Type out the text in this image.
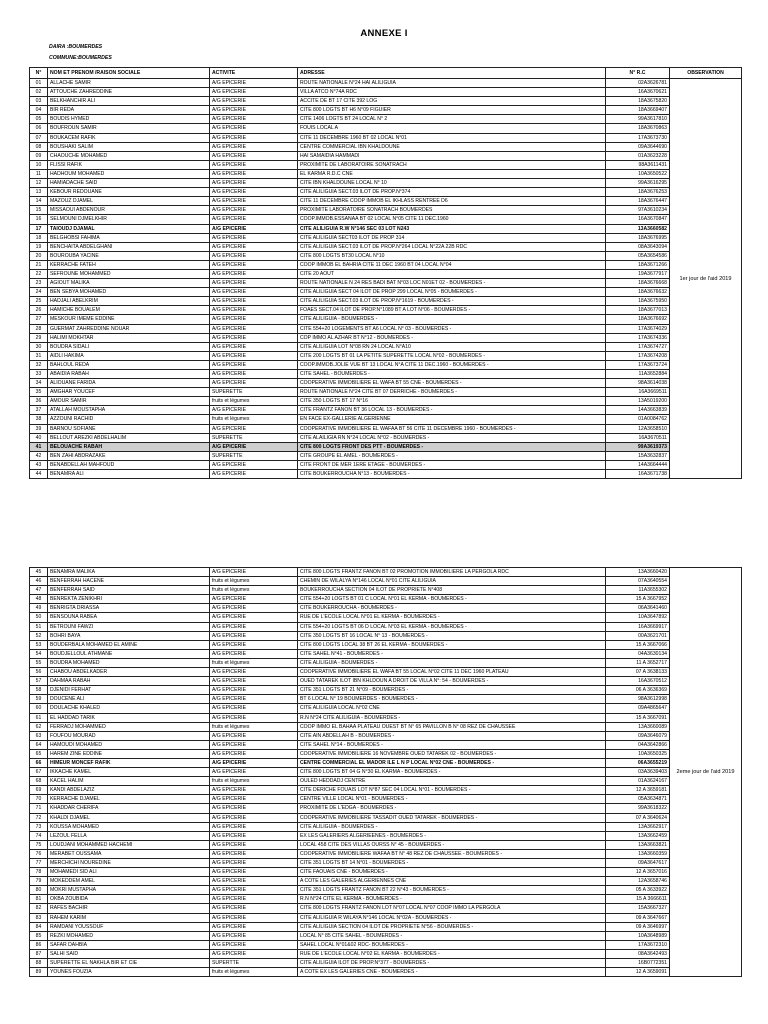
ANNEXE I
DAIRA :BOUMERDES
COMMUNE:BOUMERDES
N°	NOM ET PRENOM /RAISON SOCIALE	ACTIVITE	ADRESSE	N° R.C	OBSERVATION
01	ALLACHE SAMIR	A/G EPICERIE	ROUTE NATIONALE N°24 HAI ALILIGUIA	02A3626781	1er jour de l'aid 2019
02	ATTOUCHE ZAHREDDINE	A/G EPICERIE	VILLA ATCO N°74A RDC	16A3670621	
03	BELKHANCHIR ALI	A/G EPICERIE	ACCITE DE BT 17 CITE 392 LOG	18A3675820	
04	BIR REDA	A/G EPICERIE	CITE 800 LOGTS BT H6 N°09 FIGUIER	18A3669407	
05	BOUDIS HYMED	A/G EPICERIE	CITE 1406 LOGTS BT 24 LOCAL N° 2	99A3617810	
06	BOUFROUN SAMIR	A/G EPICERIE	FOUIS LOCAL A	18A3670863	
07	BOUKACEM RAFIK	A/G EPICERIE	CITE 11 DECEMBRE 1960 BT 02 LOCAL N°01	17A3673730	
08	BOUSHAKI SALIM	A/G EPICERIE	CENTRE COMMERCIAL IBN KHALDOUNE	09A3644690	
09	CHAOUCHE MOHAMED	A/G EPICERIE	HAI SAMAIDIA HAMMADI	01A3623228	
10	FLISSI RAFIK	A/G EPICERIE	PROXIMITE DE LABORATOIRE SONATRACH	98A3611431	
11	HADHOUM MOHAMED	A/G EPICERIE	EL KARMA R.D.C CNE	10A3650522	
12	HAMIADACHE SAID	A/G EPICERIE	CITE IBN KHALDOUNE LOCAL N° 10	99A3616295	
13	KEBOUR REDOUANE	A/G EPICERIE	CITE ALILIGUIA SECT.03 ILOT DE PROP.N°374	18A3676253	
14	MAZOUZ DJAMEL	A/G EPICERIE	CITE 11 DECEMBRE COOP IMMOB EL IKHLASS RENTREE D6	18A3676447	
15	MISSAOUI ABDENOUR	A/G EPICERIE	PROXIMITE LABORATOIRE SONATRACH BOUMERDES	97A3610234	
16	SELMOUNI DJMELKHIR	A/G EPICERIE	COOP.IMMOB.ESSANAA BT 02 LOCAL N°05 CITE 11 DEC.1960	16A3670847	
17	TAIOUDJ DJAMAL	A/G EPICERIE	CITE ALILIGUIA R.W N°146 SEC 03 LOT N243	13A3660582	
18	BELGHOBSI FAHIMA	A/G EPICERIE	CITE ALILIGUIA SECT03 ILOT DE PROP 314	18A3676995	
19	BENCHAITA ABDELGHANI	A/G EPICERIE	CITE ALILIGUIA SECT.03 ILOT DE PROP.N°264 LOCAL N°22A 22B RDC	08A3643094	
20	BOUROUBA YACINE	A/G EPICERIE	CITE 800 LOGTS BT30 LOCAL N°10	05A3654586	
21	KERRACHE FATEH	A/G EPICERIE	COOP IMMOB EL BAHRIA CITE 11 DEC 1960 BT 04 LOCAL N°04	18A3671266	
22	SEFROUNE MOHAMMED	A/G EPICERIE	CITE 20 AOUT	19A3677917	
23	AGIOUT MALIKA	A/G EPICERIE	ROUTE NATIONALE N 24 RES BADI BAT N°03 LOC N01ET 02 - BOUMERDES -	18A3676668	
24	BEN SEBYA MOHAMED	A/G EPICERIE	CITE ALILIGUIA SECT 04 ILOT DE PROP 299 LOCAL N°05 - BOUMERDES -	18A3676632	
25	HADJALI ABELKRIM	A/G EPICERIE	CITE ALILIGUIA SECT.03 ILOT DE PROP.N°1619 - BOUMERDES -	18A3675950	
26	HAMICHE BOUALEM	A/G EPICERIE	FOAES SECT.04 ILOT DE PROP.N°1089 BT A LOT N°06 - BOUMERDES -	18A3677013	
27	MESKOUR IMEME EDDINE	A/G EPICERIE	CITE ALILIGUIA - BOUMERDES -	18A3676692	
28	GUERMAT ZAHREDDINE NOUAR	A/G EPICERIE	CITE 554+20 LOGEMENTS BT A6 LOCAL N° 03 - BOUMERDES -	17A3674029	
29	HALIMI MOKHTAR	A/G EPICERIE	COP IMMO AL AZHAR BT N°12 - BOUMERDES -	17A3674336	
30	BOUDRA SIDALI	A/G EPICERIE	CITE ALILIGUIA LOT N°08 RN 24 LOCAL N°A10	17A3674727	
31	AIDLI HAKIMA	A/G EPICERIE	CITE 200 LOGTS BT 01 LA PETITE SUPERETTE LOCAL N°02 - BOUMERDES -	17A3674208	
32	BAHLOUL REDA	A/G EPICERIE	COOP.IMMOB.JOLIE VUE BT 13 LOCAL N°A CITE 11 DEC.1960 - BOUMERDES -	17A3673724	
33	ABAIDIA RABAH	A/G EPICERIE	CITE SAHEL - BOUMERDES -	11A3652884	
34	ALIOUANE FARIDA	A/G EPICERIE	COOPERATIVE IMMOBILIERE EL WAFA BT 55 CNE - BOUMERDES -	98A3614038	
35	AMGHAR YOUCEF	SUPERETTE	ROUTE NATIONALE N°24 CITE BT 07 DERRICHE - BOUMERDES -	16A3669511	
36	AMOUR SAMIR	fruits et légumes	CITE 350 LOGTS BT 17 N°16	13A5019200	
37	ATALLAH MOUSTAPHA	A/G EPICERIE	CITE FRANTZ FANON BT 36 LOCAL 13 - BOUMERDES -	14A3663839	
38	AZZOUNI RACHID	fruits et légumes	EN FACE EX-GALLERIE ALGERIENNE	01A0084762	
39	BARNOU SOFIANE	A/G EPICERIE	COOPERATIVE IMMOBILIERE EL WAFAA BT 56 CITE 11 DECEMBRE 1960 - BOUMERDES -	12A3658510	
40	BELLOUT AREZKI ABDELHALIM	SUPERETTE	CITE ALAILIGIA RN N°24 LOCAL N°02 - BOUMERDES -	16A3670511	
41	BELOUACHE RABAH	A/G EPICERIE	CITE 800 LOGTS FRONT DES PTT - BOUMERDES -	99A3619373	
42	BEN ZAHI ABDRAZAKE	SUPERETTE	CITE GROUPE EL AMEL - BOUMERDES -	15A3632837	
43	BENABDELLAH MAHFOUD	A/G EPICERIE	CITE FRONT DE MER 1ERE ETAGE - BOUMERDES -	14A3664444	
44	BENAMRA ALI	A/G EPICERIE	CITE BOUKERROUCHA N°13 - BOUMERDES -	16A3671738	
45	BENAMRA MALIKA	A/G EPICERIE	CITE 800 LOGTS FRANTZ FANON BT 02 PROMOTION IMMOBILIERE LA PERGOLA RDC	13A3660420	2eme jour de l'aid 2019
46	BENFERRAH HACENE	fruits et légumes	CHEMIN DE WILALYA N°146 LOCAL N°01 CITE ALILIGUIA	07A3640554	
47	BENFERRAH SAID	fruits et légumes	BOUKERROUCHA SECTION 04 ILOT DE PROPRIETE N°408	11A3655302	
48	BENREKTA ZENIKHRI	A/G EPICERIE	CITE 554+20 LOGTS BT 01 C LOCAL N°01 EL KERMA - BOUMERDES -	15 A 3667952	
49	BENRIGTA DRIASSA	A/G EPICERIE	CITE BOUKERROUCHA - BOUMERDES -	06A3641460	
50	BENSOUNA RABEA	A/G EPICERIE	RUE DE L'ECOLE LOCAL N°01 EL KERMA - BOUMERDES -	10A3647892	
51	BETROUNI FAWZI	A/G EPICERIE	CITE 554+20 LOGTS BT 06 D LOCAL N°03 EL KERMA - BOUMERDES -	16A3669917	
52	BOHRI BAYA	A/G EPICERIE	CITE 350 LOGTS BT 16 LOCAL N° 13 - BOUMERDES -	00A3621701	
53	BOUDERBALA MOHAMED EL AMINE	A/G EPICERIE	CITE 800 LOGTS LOCAL 38 BT 26 EL KERMA - BOUMERDES -	15 A 3667066	
54	BOUDJELLOUL ATHMANE	A/G EPICERIE	CITE SAHEL N°41 - BOUMERDES -	04A3630134	
55	BOUDRA MOHAMED	fruits et légumes	CITE ALILIGUIA - BOUMERDES -	11 A 3652717	
56	CHABOU ABDELKADER	A/G EPICERIE	COOPERATIVE IMMOBILIERE EL WAFA BT 55 LOCAL N°02 CITE 11 DEC 1960 PLATEAU	07 A 3638133	
57	DAHMAA RABAH	A/G EPICERIE	OUED TATAREK ILOT IBN KHLDOUN A DROIT DE VILLA N°: 54 - BOUMERDES -	16A3670512	
58	DJENIDI FERHAT	A/G EPICERIE	CITE 351 LOGTS BT 21 N°09 - BOUMERDES -	06 A 3636369	
59	DOUCENE ALI	A/G EPICERIE	BT 6 LOCAL N° 19 BOUMERDES - BOUMERDES -	98A3612998	
60	DOULACHE KHALED	A/G EPICERIE	CITE ALILIGUIA LOCAL N°02 CNE	09A4865647	
61	EL HADDAD TARIK	A/G EPICERIE	R.N N°24 CITE ALILIGUIA - BOUMERDES -	15 A 3667091	
62	FERRADJ MOHAMMED	fruits et légumes	COOP IMMO EL BAHAA PLATEAU OUEST BT N° 65 PAVILLON B N° 08 REZ DE CHAUSSEE	13A3660089	
63	FOUFOU MOURAD	A/G EPICERIE	CITE AIN ABDELLAH B - BOUMERDES -	09A3646079	
64	HAMOUDI MOHAMED	A/G EPICERIE	CITE SAHEL N°14 - BOUMERDES -	04A3642866	
65	HAREM ZINE EDDINE	A/G EPICERIE	COOPERATIVE IMMOBILIERE 16 NOVEMBRE OUED TATAREK 02 - BOUMERDES -	10A3650325	
66	HIMEUR MONCEF RAFIK	A/G EPICERIE	CENTRE COMMERCIAL EL MADOR ILE L N P LOCAL N°02 CNE - BOUMERDES -	06A3655219	
67	IKKACHE KAMEL	A/G EPICERIE	CITE 800 LOGTS BT 04 G N°30 EL KARMA - BOUMERDES -	03A3639403	
68	KACEL HALIM	fruits et légumes	OULED HEDDADJ CENTRE	01A3624167	
69	KANDI ABDELAZIZ	A/G EPICERIE	CITE DERICHE FOUAIS LOT N°87 SEC 04 LOCAL N°01 - BOUMERDES -	12 A 3659181	
70	KERRACHE DJAMEL	A/G EPICERIE	CENTRE VILLE LOCAL N°01 - BOUMERDES -	05A3634871	
71	KHADDAR CHERIFA	A/G EPICERIE	PROXIMITE DE L'EDGA - BOUMERDES -	99A3618322	
72	KHALDI DJAMEL	A/G EPICERIE	COOPERATIVE IMMOBILIERE TASSADIT OUED TATAREK - BOUMERDES -	07 A 3640624	
73	KOUSSA MOHAMED	A/G EPICERIE	CITE ALILIGUIA - BOUMERDES -	13A3662917	
74	LEZOUL FELLA	A/G EPICERIE	EX LES GALERIERS ALGERIEENES - BOUMERDES -	13A3662459	
75	LOUDJANI MOHAMMED HACHEMI	A/G EPICERIE	LOCAL 458 CITE DES VILLAS OURSS N° 45 - BOUMERDES -	13A3663821	
76	MERABET OUSSAMA	A/G EPICERIE	COOPERATIVE IMMOBILIERE WAFAA BT N° 48 REZ DE CHAUSSEE - BOUMERDES -	13A3660359	
77	MERCHICHI NOUREDINE	A/G EPICERIE	CITE 351 LOGTS BT 14 N°01 - BOUMERDES -	09A3647617	
78	MOHAMEDI SID ALI	A/G EPICERIE	CITE FAOUAIS CNE - BOUMERDES -	12 A 3657016	
79	MOKEDDEM AMEL	A/G EPICERIE	A COTE LES GALERIES ALGERIENNES CNE	12A3658746	
80	MOKRI MUSTAPHA	A/G EPICERIE	CITE 351 LOGTS FRANTZ FANON BT 22 N°43 - BOUMERDES -	05 A 3633922	
81	OKBA ZOUBIDA	A/G EPICERIE	R.N N°24 CITE EL KERMA - BOUMERDES -	15 A 3666611	
82	RAFES BACHIR	A/G EPICERIE	CITE 800 LOGTS FRANTZ FANON LOT N°07 LOCAL N°07 COOP IMMO LA PERGOLA	15A3667327	
83	RAHEM KARIM	A/G EPICERIE	CITE ALILIGUIA R WILAYA N°146 LOCAL N°02A - BOUMERDES -	09 A 3647667	
84	RAMDANI YOUSSOUF	A/G EPICERIE	CITE ALILIGUIA SECTION 04 ILOT DE PROPRIETE N°56 - BOUMERDES -	09 A 3646997	
85	REZKI MOHAMED	A/G EPICERIE	LOCAL N° 85 CITE SAHEL - BOUMERDES -	10A3648989	
86	SAFAR DAHBIA	A/G EPICERIE	SAHEL LOCAL N°01&02 RDC- BOUMERDES -	17A3672310	
87	SALHI SAID	A/G EPICERIE	RUE DE L'ECOLE LOCAL N°02 EL KARMA - BOUMERDES -	08A3642493	
88	SUPERETTE EL NAKHLA BIR ET CIE	SUPERTTE	CITE ALILIGUIA ILOT DE PROP.N°377 - BOUMERDES -	16B0772351	
89	YOUNES FOUZIA	fruits et légumes	A COTE EX LES GALERIES CNE - BOUMERDES -	12 A 3659091	
